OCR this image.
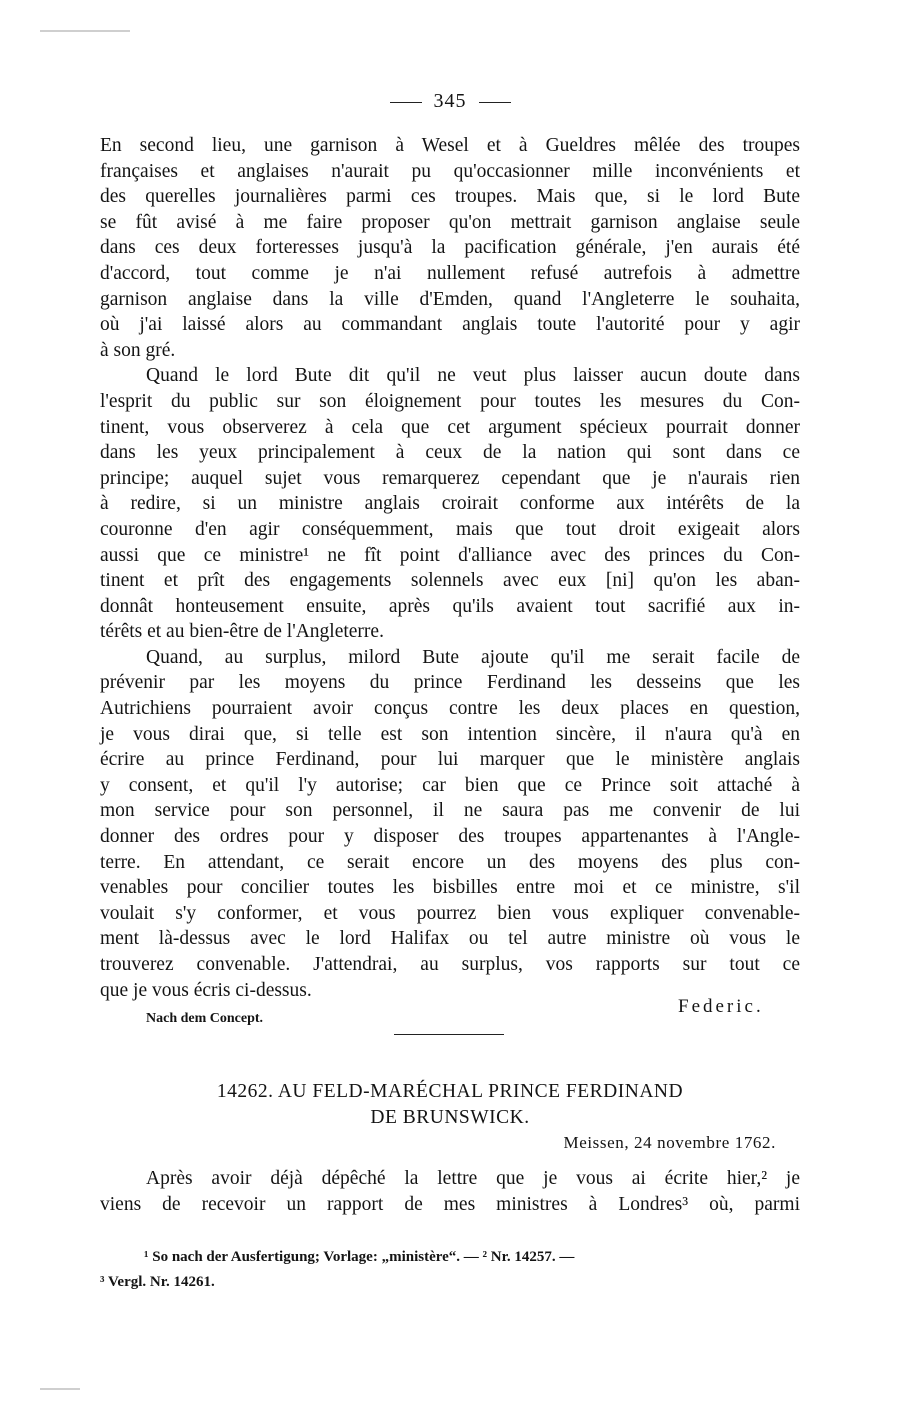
345
En second lieu, une garnison à Wesel et à Gueldres mêlée des troupes
françaises et anglaises n'aurait pu qu'occasionner mille inconvénients et
des querelles journalières parmi ces troupes. Mais que, si le lord Bute
se fût avisé à me faire proposer qu'on mettrait garnison anglaise seule
dans ces deux forteresses jusqu'à la pacification générale, j'en aurais été
d'accord, tout comme je n'ai nullement refusé autrefois à admettre
garnison anglaise dans la ville d'Emden, quand l'Angleterre le souhaita,
où j'ai laissé alors au commandant anglais toute l'autorité pour y agir
à son gré.
Quand le lord Bute dit qu'il ne veut plus laisser aucun doute dans
l'esprit du public sur son éloignement pour toutes les mesures du Con-
tinent, vous observerez à cela que cet argument spécieux pourrait donner
dans les yeux principalement à ceux de la nation qui sont dans ce
principe; auquel sujet vous remarquerez cependant que je n'aurais rien
à redire, si un ministre anglais croirait conforme aux intérêts de la
couronne d'en agir conséquemment, mais que tout droit exigeait alors
aussi que ce ministre¹ ne fît point d'alliance avec des princes du Con-
tinent et prît des engagements solennels avec eux [ni] qu'on les aban-
donnât honteusement ensuite, après qu'ils avaient tout sacrifié aux in-
térêts et au bien-être de l'Angleterre.
Quand, au surplus, milord Bute ajoute qu'il me serait facile de
prévenir par les moyens du prince Ferdinand les desseins que les
Autrichiens pourraient avoir conçus contre les deux places en question,
je vous dirai que, si telle est son intention sincère, il n'aura qu'à en
écrire au prince Ferdinand, pour lui marquer que le ministère anglais
y consent, et qu'il l'y autorise; car bien que ce Prince soit attaché à
mon service pour son personnel, il ne saura pas me convenir de lui
donner des ordres pour y disposer des troupes appartenantes à l'Angle-
terre. En attendant, ce serait encore un des moyens des plus con-
venables pour concilier toutes les bisbilles entre moi et ce ministre, s'il
voulait s'y conformer, et vous pourrez bien vous expliquer convenable-
ment là-dessus avec le lord Halifax ou tel autre ministre où vous le
trouverez convenable. J'attendrai, au surplus, vos rapports sur tout ce
que je vous écris ci-dessus.
Federic.
Nach dem Concept.
14262. AU FELD-MARÉCHAL PRINCE FERDINAND
DE BRUNSWICK.
Meissen, 24 novembre 1762.
Après avoir déjà dépêché la lettre que je vous ai écrite hier,² je
viens de recevoir un rapport de mes ministres à Londres³ où, parmi
¹ So nach der Ausfertigung; Vorlage: „ministère“. — ² Nr. 14257. —
³ Vergl. Nr. 14261.
